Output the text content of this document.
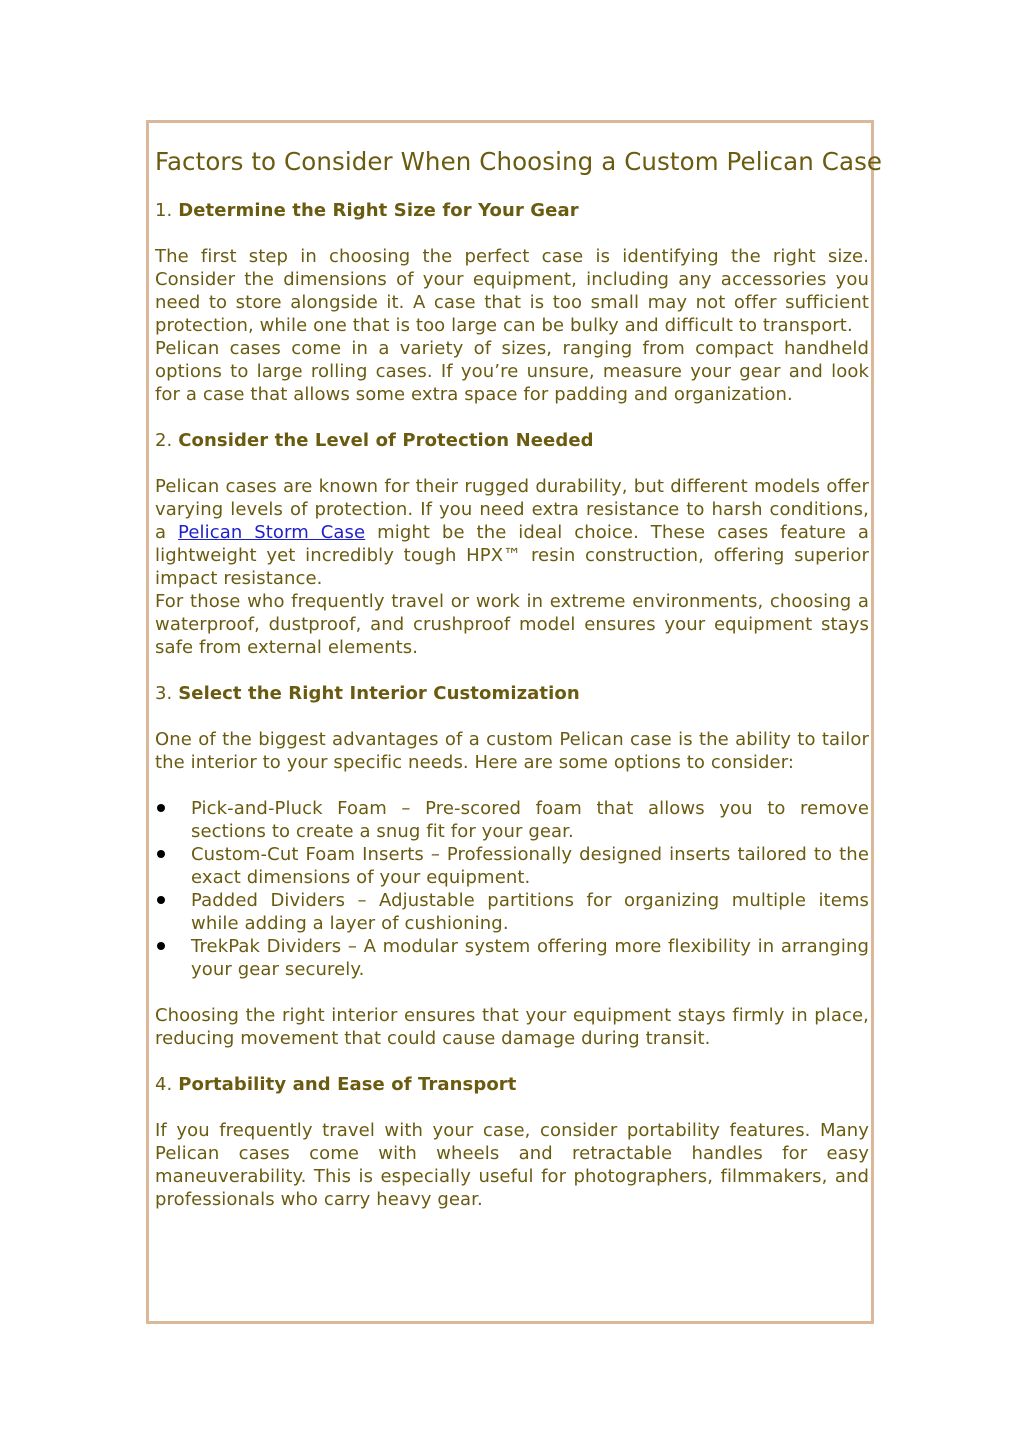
Factors to Consider When Choosing a Custom Pelican Case
1. Determine the Right Size for Your Gear

The first step in choosing the perfect case is identifying the right size. Consider the dimensions of your equipment, including any accessories you need to store alongside it. A case that is too small may not offer sufficient protection, while one that is too large can be bulky and difficult to transport.

Pelican cases come in a variety of sizes, ranging from compact handheld options to large rolling cases. If you’re unsure, measure your gear and look for a case that allows some extra space for padding and organization.

2. Consider the Level of Protection Needed

Pelican cases are known for their rugged durability, but different models offer varying levels of protection. If you need extra resistance to harsh conditions, a Pelican Storm Case might be the ideal choice. These cases feature a lightweight yet incredibly tough HPX™ resin construction, offering superior impact resistance.

For those who frequently travel or work in extreme environments, choosing a waterproof, dustproof, and crushproof model ensures your equipment stays safe from external elements.

3. Select the Right Interior Customization

One of the biggest advantages of a custom Pelican case is the ability to tailor the interior to your specific needs. Here are some options to consider:

Pick-and-Pluck Foam – Pre-scored foam that allows you to remove sections to create a snug fit for your gear.
Custom-Cut Foam Inserts – Professionally designed inserts tailored to the exact dimensions of your equipment.
Padded Dividers – Adjustable partitions for organizing multiple items while adding a layer of cushioning.
TrekPak Dividers – A modular system offering more flexibility in arranging your gear securely.

Choosing the right interior ensures that your equipment stays firmly in place, reducing movement that could cause damage during transit.

4. Portability and Ease of Transport

If you frequently travel with your case, consider portability features. Many Pelican cases come with wheels and retractable handles for easy maneuverability. This is especially useful for photographers, filmmakers, and professionals who carry heavy gear.
